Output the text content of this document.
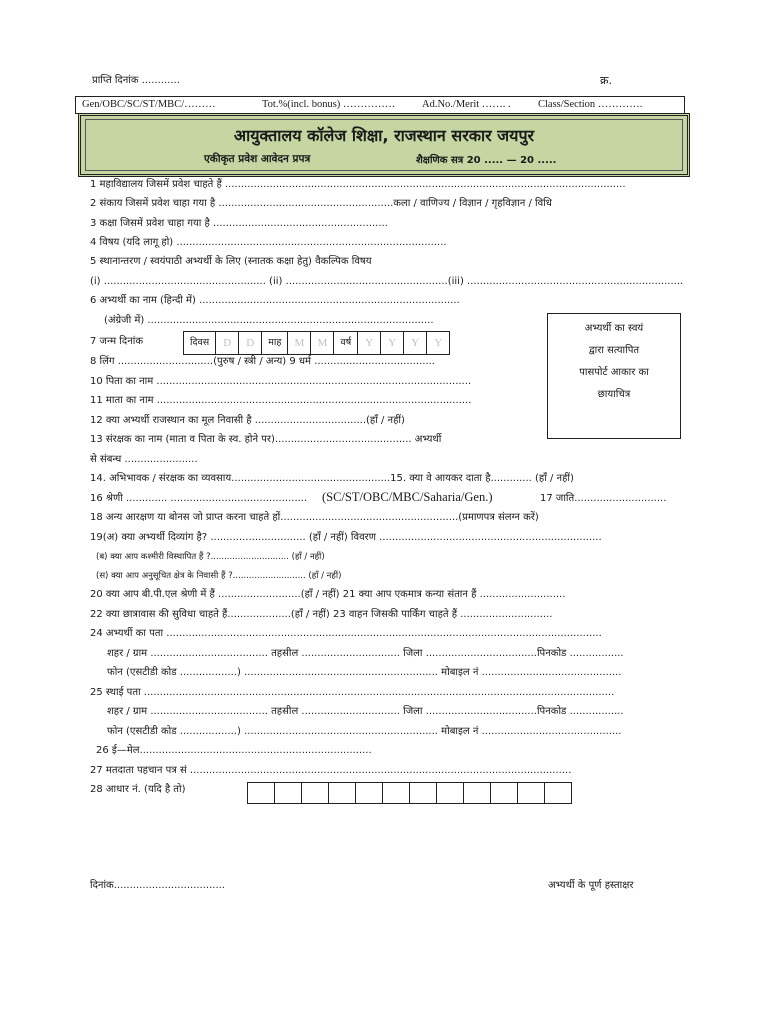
प्राप्ति दिनांक ............	क्र.
Gen/OBC/SC/ST/MBC/………	Tot.%(incl. bonus) ……………	Ad.No./Merit ……. .	Class/Section ………….
आयुक्तालय कॉलेज शिक्षा, राजस्थान सरकार जयपुर
एकीकृत प्रवेश आवेदन प्रपत्र	शैक्षणिक सत्र 20 ..... — 20 .....
1 महाविद्यालय जिसमें प्रवेश चाहते हैं ..............................................................................................................................
2 संकाय जिसमें प्रवेश चाहा गया है .......................................................कला / वाणिज्य / विज्ञान / गृहविज्ञान / विधि
3 कक्षा जिसमें प्रवेश चाहा गया है .......................................................
4 विषय (यदि लागू हो) .....................................................................................
5 स्थानान्तरण / स्वयंपाठी अभ्यर्थी के लिए (स्नातक कक्षा हेतु) वैकल्पिक विषय
(i) ................................................... (ii) ...................................................(iii) ....................................................................
6 अभ्यर्थी का नाम (हिन्दी में) ..................................................................................
(अंग्रेजी में) ..........................................................................................
7 जन्म दिनांक	दिवस	D	D	माह	M	M	वर्ष	Y	Y	Y	Y
अभ्यर्थी का स्वयं
द्वारा सत्यापित
पासपोर्ट आकार का
छायाचित्र
8 लिंग ..............................(पुरुष / स्त्री / अन्य) 9 धर्म ......................................
10 पिता का नाम ...................................................................................................
11 माता का नाम ...................................................................................................
12 क्या अभ्यर्थी राजस्थान का मूल निवासी है ...................................(हाँ / नहीं)
13 संरक्षक का नाम (माता व पिता के स्व. होने पर)........................................... अभ्यर्थी
से संबन्ध .......................
14. अभिभावक / संरक्षक का व्यवसाय..................................................15. क्या वे आयकर दाता है............. (हाँ / नहीं)
16 श्रेणी ............. ........................................... (SC/ST/OBC/MBC/Saharia/Gen.)	17 जाति.............................
18 अन्य आरक्षण या बोनस जो प्राप्त करना चाहते हों........................................................(प्रमाणपत्र संलग्न करें)
19(अ) क्या अभ्यर्थी दिव्यांग है? .............................. (हाँ / नहीं) विवरण ......................................................................
(ब) क्या आप कश्मीरी विस्थापित हैं ?............................. (हाँ / नहीं)
(स) क्या आप अनुसूचित क्षेत्र के निवासी हैं ?........................... (हाँ / नहीं)
20 क्या आप बी.पी.एल श्रेणी में हैं ..........................(हाँ / नहीं) 21 क्या आप एकमात्र कन्या संतान हैं ...........................
22 क्या छात्रावास की सुविधा चाहते हैं....................(हाँ / नहीं) 23 वाहन जिसकी पार्किंग चाहते हैं .............................
24 अभ्यर्थी का पता .........................................................................................................................................
शहर / ग्राम ..................................... तहसील ............................... जिला ...................................पिनकोड .................
फोन (एसटीडी कोड ..................) ............................................................. मोबाइल नं ............................................
25 स्थाई पता ....................................................................................................................................................
शहर / ग्राम ..................................... तहसील ............................... जिला ...................................पिनकोड .................
फोन (एसटीडी कोड ..................) ............................................................. मोबाइल नं ............................................
26 ई—मेल.........................................................................
27 मतदाता पहचान पत्र सं ........................................................................................................................
28 आधार नं. (यदि है तो)
दिनांक...................................	अभ्यर्थी के पूर्ण हस्ताक्षर
